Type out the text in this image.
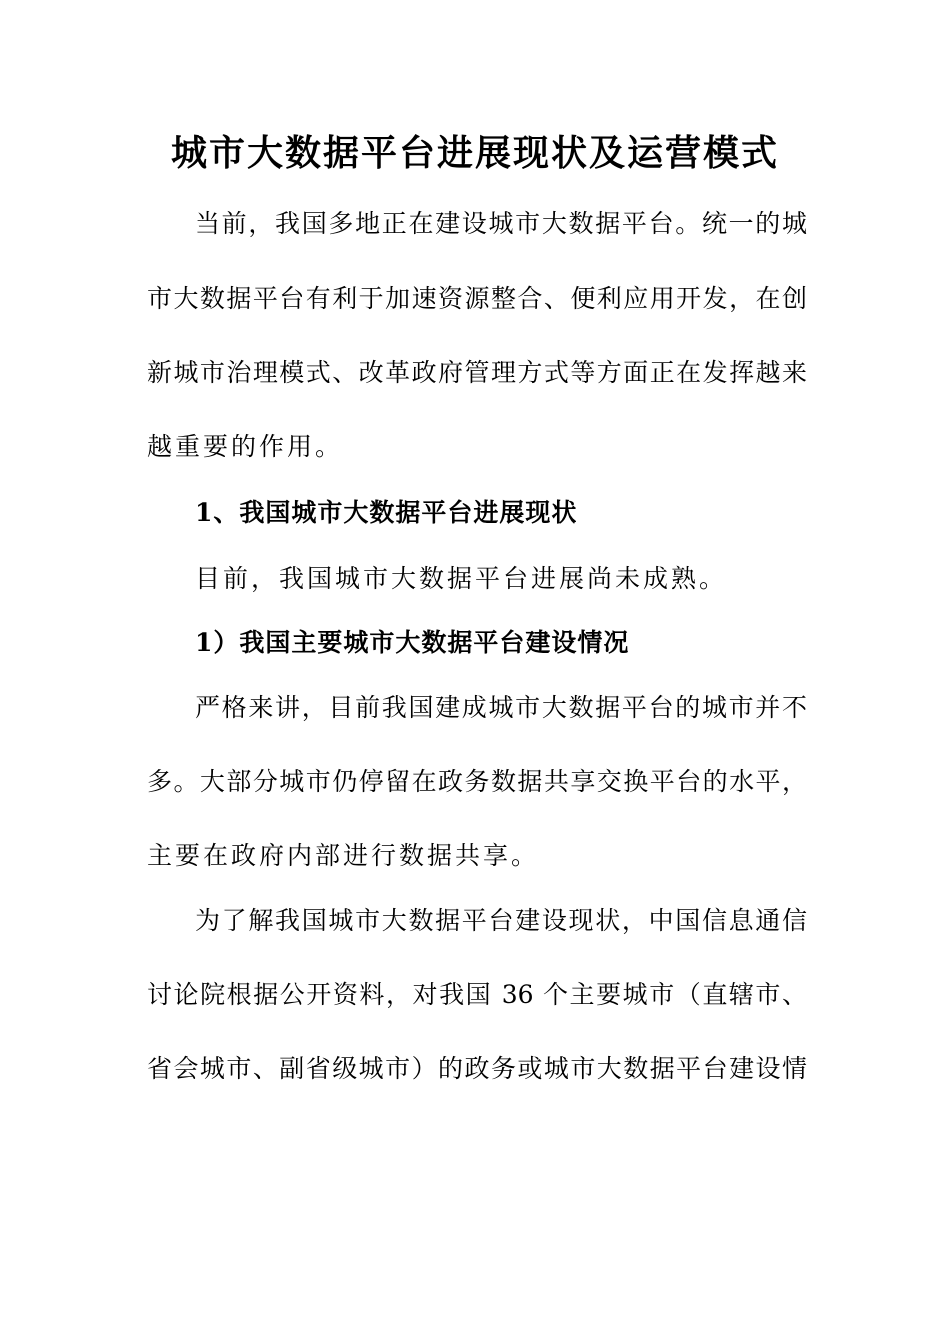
城市大数据平台进展现状及运营模式
当前，我国多地正在建设城市大数据平台。统一的城
市大数据平台有利于加速资源整合、便利应用开发，在创
新城市治理模式、改革政府管理方式等方面正在发挥越来
越重要的作用。
1、我国城市大数据平台进展现状
目前，我国城市大数据平台进展尚未成熟。
1）我国主要城市大数据平台建设情况
严格来讲，目前我国建成城市大数据平台的城市并不
多。大部分城市仍停留在政务数据共享交换平台的水平，
主要在政府内部进行数据共享。
为了解我国城市大数据平台建设现状，中国信息通信
讨论院根据公开资料，对我国 36 个主要城市（直辖市、
省会城市、副省级城市）的政务或城市大数据平台建设情
